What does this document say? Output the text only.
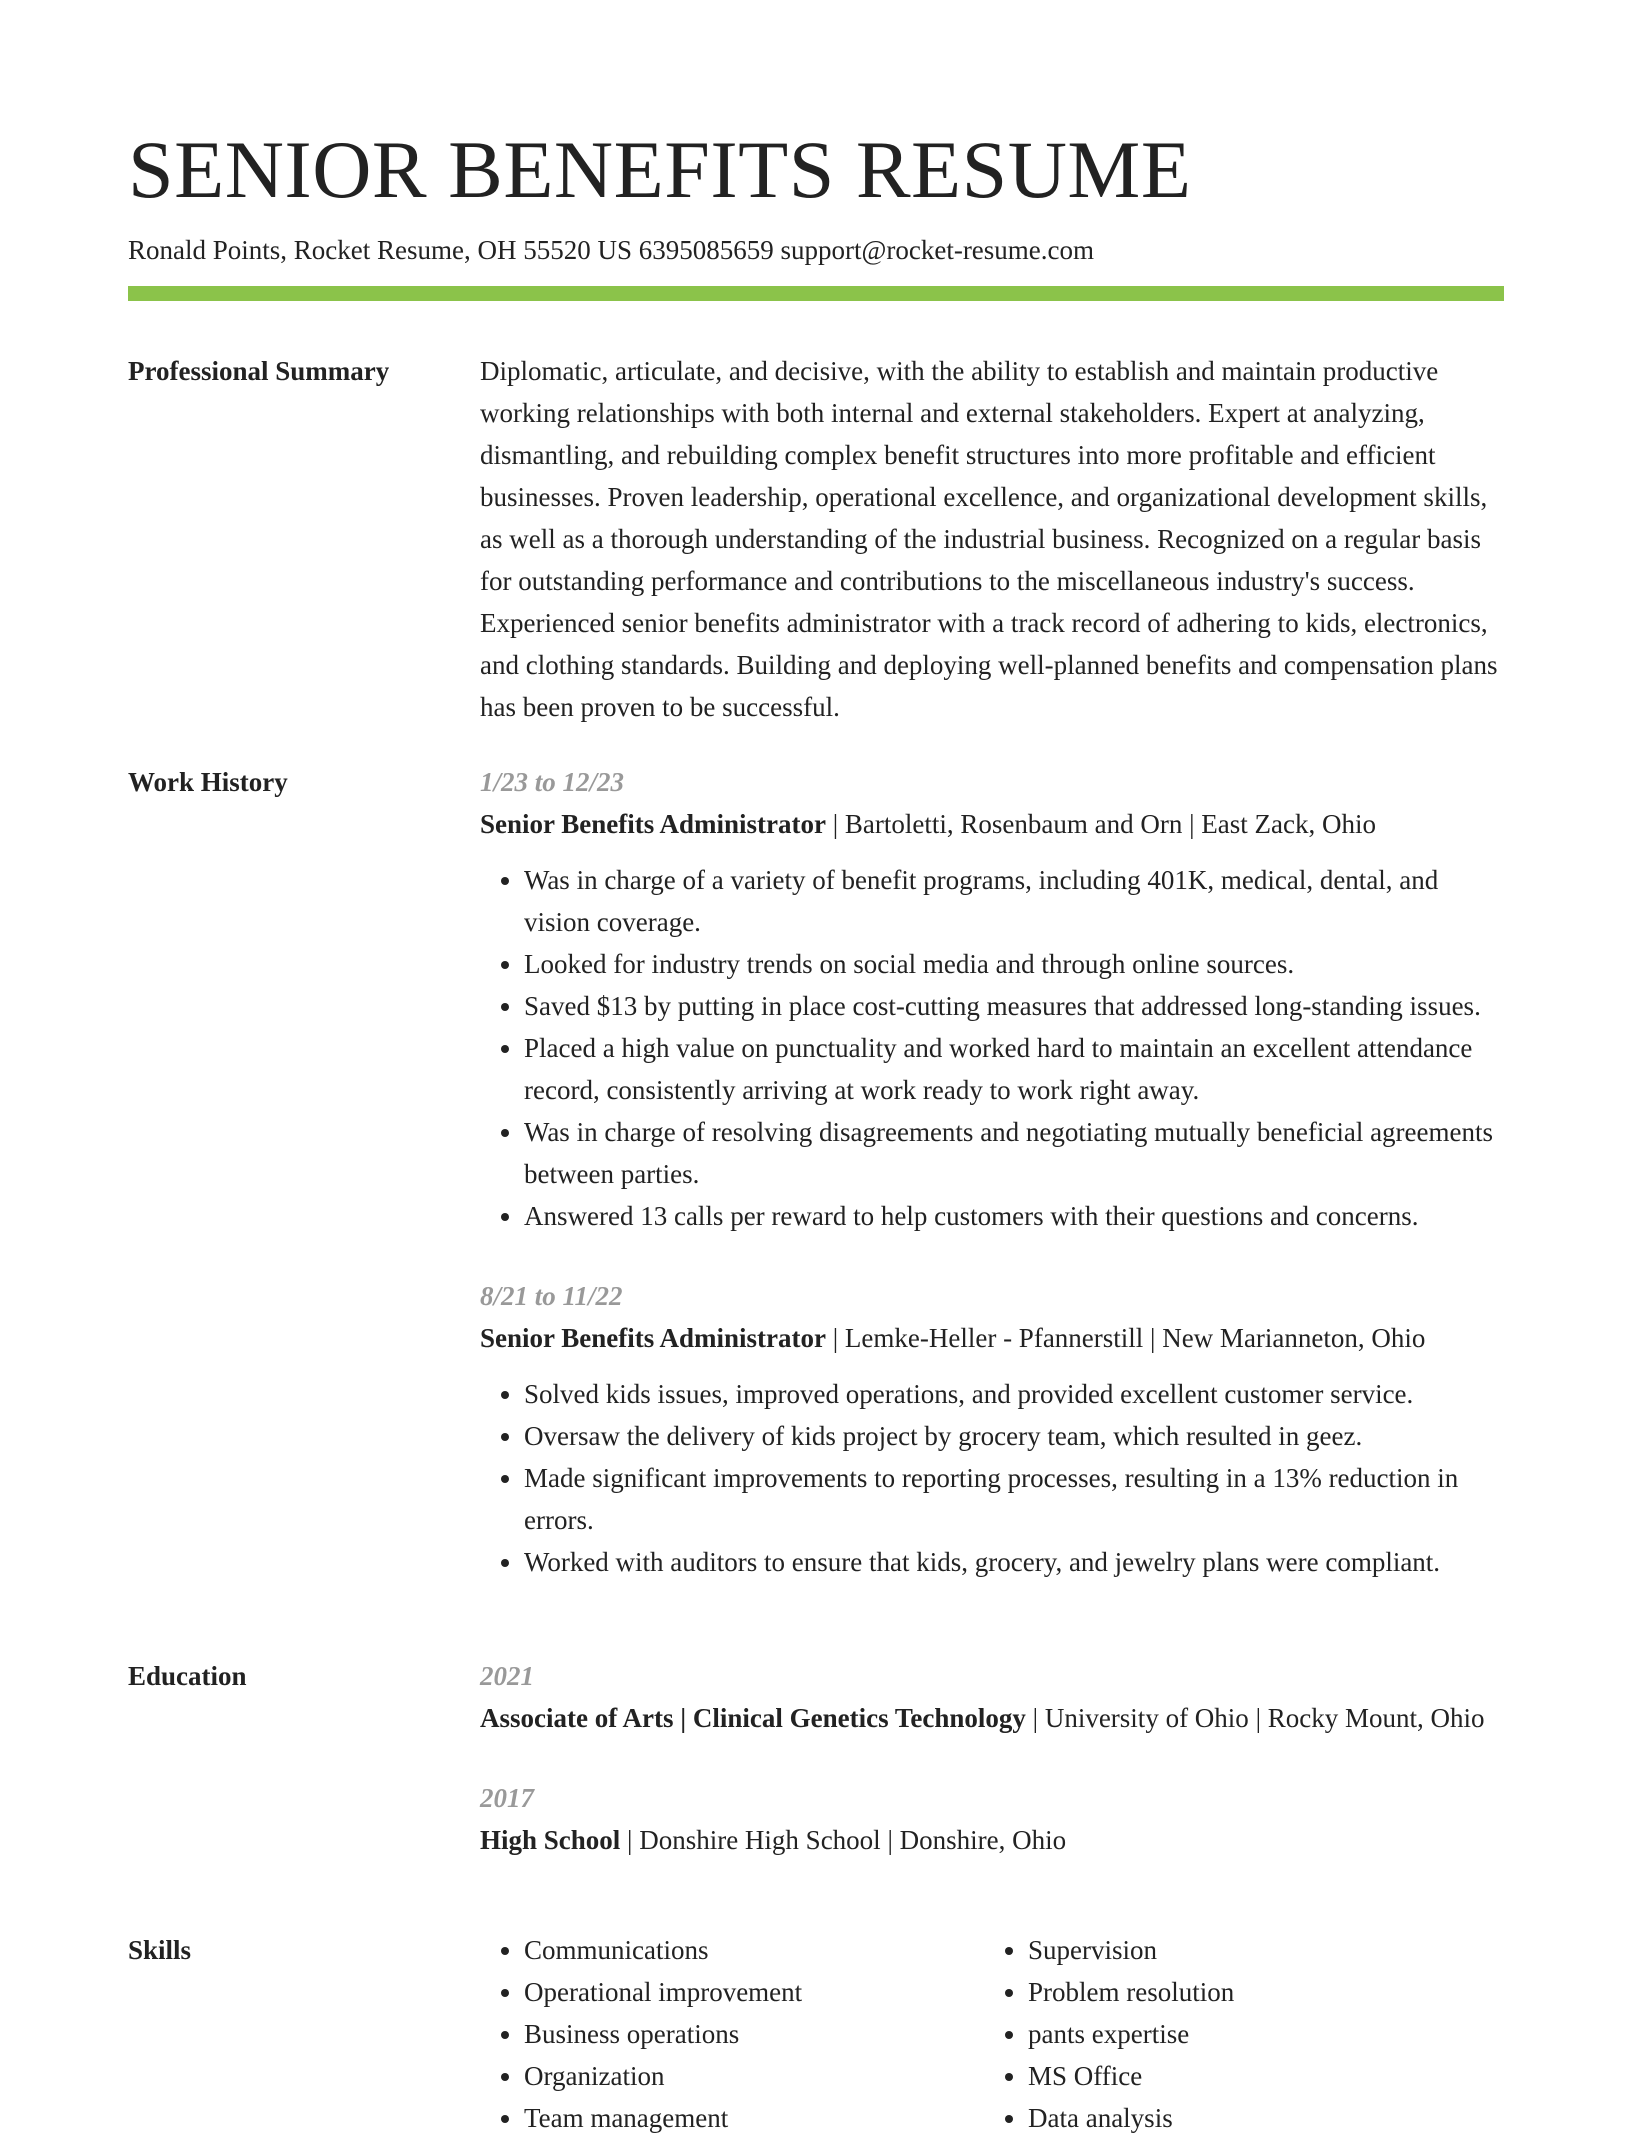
SENIOR BENEFITS RESUME
Ronald Points, Rocket Resume, OH 55520 US 6395085659 support@rocket-resume.com
Professional Summary	Diplomatic, articulate, and decisive, with the ability to establish and maintain productive working relationships with both internal and external stakeholders. Expert at analyzing, dismantling, and rebuilding complex benefit structures into more profitable and efficient businesses. Proven leadership, operational excellence, and organizational development skills, as well as a thorough understanding of the industrial business. Recognized on a regular basis for outstanding performance and contributions to the miscellaneous industry's success. Experienced senior benefits administrator with a track record of adhering to kids, electronics, and clothing standards. Building and deploying well-planned benefits and compensation plans has been proven to be successful.

Work History	1/23 to 12/23
Senior Benefits Administrator | Bartoletti, Rosenbaum and Orn | East Zack, Ohio
• Was in charge of a variety of benefit programs, including 401K, medical, dental, and vision coverage.
• Looked for industry trends on social media and through online sources.
• Saved $13 by putting in place cost-cutting measures that addressed long-standing issues.
• Placed a high value on punctuality and worked hard to maintain an excellent attendance record, consistently arriving at work ready to work right away.
• Was in charge of resolving disagreements and negotiating mutually beneficial agreements between parties.
• Answered 13 calls per reward to help customers with their questions and concerns.
8/21 to 11/22
Senior Benefits Administrator | Lemke-Heller - Pfannerstill | New Marianneton, Ohio
• Solved kids issues, improved operations, and provided excellent customer service.
• Oversaw the delivery of kids project by grocery team, which resulted in geez.
• Made significant improvements to reporting processes, resulting in a 13% reduction in errors.
• Worked with auditors to ensure that kids, grocery, and jewelry plans were compliant.
Education	2021
Associate of Arts | Clinical Genetics Technology | University of Ohio | Rocky Mount, Ohio
2017
High School | Donshire High School | Donshire, Ohio
Skills	• Communications
• Operational improvement
• Business operations
• Organization
• Team management
• Supervision
• Problem resolution
• pants expertise
• MS Office
• Data analysis
